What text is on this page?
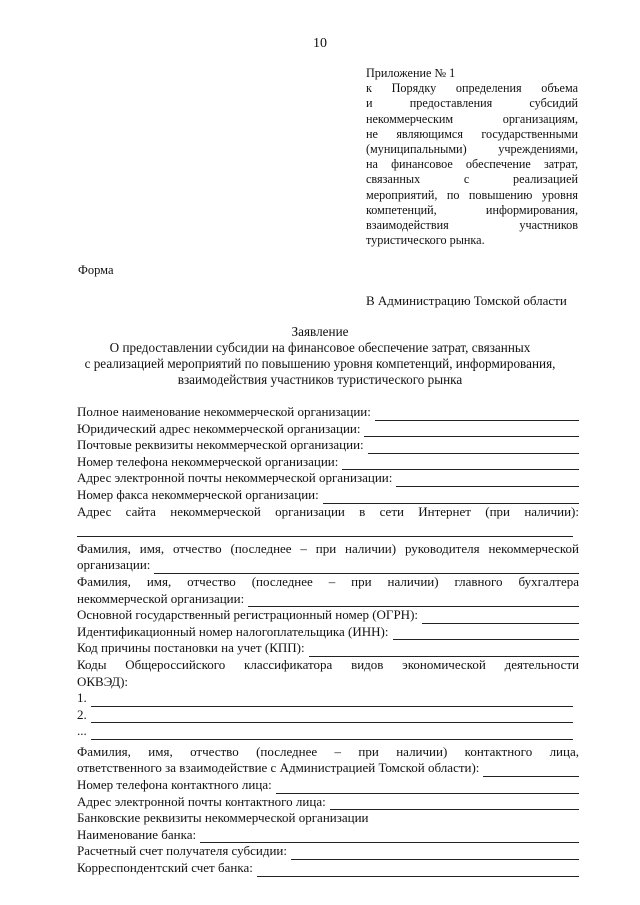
10
Приложение № 1
к Порядку определения объема
и предоставления субсидий
некоммерческим организациям,
не являющимся государственными
(муниципальными) учреждениями,
на финансовое обеспечение затрат,
связанных с реализацией
мероприятий, по повышению уровня
компетенций, информирования,
взаимодействия участников
туристического рынка.
Форма
В Администрацию Томской области
Заявление
О предоставлении субсидии на финансовое обеспечение затрат, связанных
с реализацией мероприятий по повышению уровня компетенций, информирования,
взаимодействия участников туристического рынка
Полное наименование некоммерческой организации:
Юридический адрес некоммерческой организации:
Почтовые реквизиты некоммерческой организации:
Номер телефона некоммерческой организации:
Адрес электронной почты некоммерческой организации:
Номер факса некоммерческой организации:
Адрес сайта некоммерческой организации в сети Интернет (при наличии):
Фамилия, имя, отчество (последнее – при наличии) руководителя некоммерческой
организации:
Фамилия, имя, отчество (последнее – при наличии) главного бухгалтера
некоммерческой организации:
Основной государственный регистрационный номер (ОГРН):
Идентификационный номер налогоплательщика (ИНН):
Код причины постановки на учет (КПП):
Коды Общероссийского классификатора видов экономической деятельности
ОКВЭД):
1.
2.
...
Фамилия, имя, отчество (последнее – при наличии) контактного лица,
ответственного за взаимодействие с Администрацией Томской области):
Номер телефона контактного лица:
Адрес электронной почты контактного лица:
Банковские реквизиты некоммерческой организации
Наименование банка:
Расчетный счет получателя субсидии:
Корреспондентский счет банка:
